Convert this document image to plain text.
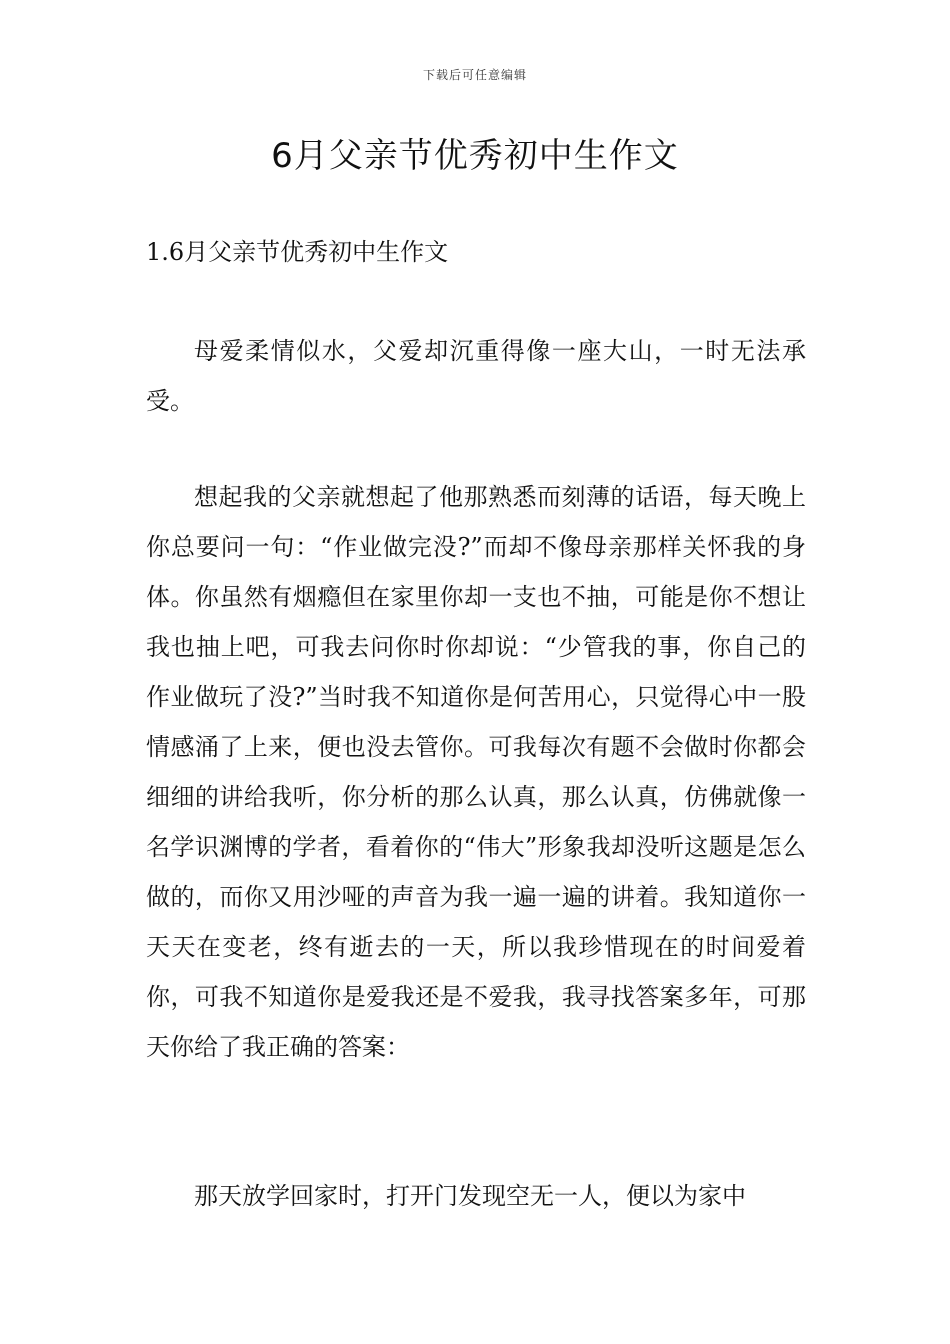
下载后可任意编辑
6月父亲节优秀初中生作文
1.6月父亲节优秀初中生作文

母爱柔情似水，父爱却沉重得像一座大山，一时无法承受。

想起我的父亲就想起了他那熟悉而刻薄的话语，每天晚上你总要问一句：“作业做完没?”而却不像母亲那样关怀我的身体。你虽然有烟瘾但在家里你却一支也不抽，可能是你不想让我也抽上吧，可我去问你时你却说：“少管我的事，你自己的作业做玩了没?”当时我不知道你是何苦用心，只觉得心中一股情感涌了上来，便也没去管你。可我每次有题不会做时你都会细细的讲给我听，你分析的那么认真，那么认真，仿佛就像一名学识渊博的学者，看着你的“伟大”形象我却没听这题是怎么做的，而你又用沙哑的声音为我一遍一遍的讲着。我知道你一天天在变老，终有逝去的一天，所以我珍惜现在的时间爱着你，可我不知道你是爱我还是不爱我，我寻找答案多年，可那天你给了我正确的答案：

那天放学回家时，打开门发现空无一人，便以为家中
